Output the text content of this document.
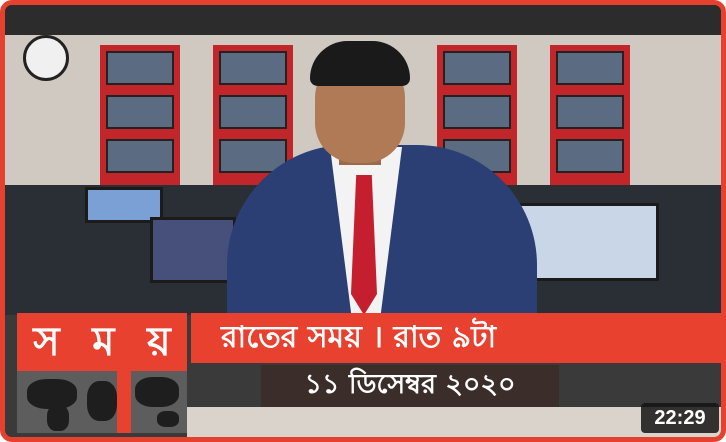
স ম য় রাতের সময় । রাত ৯টা
১১ ডিসেম্বর ২০২০
22:29
